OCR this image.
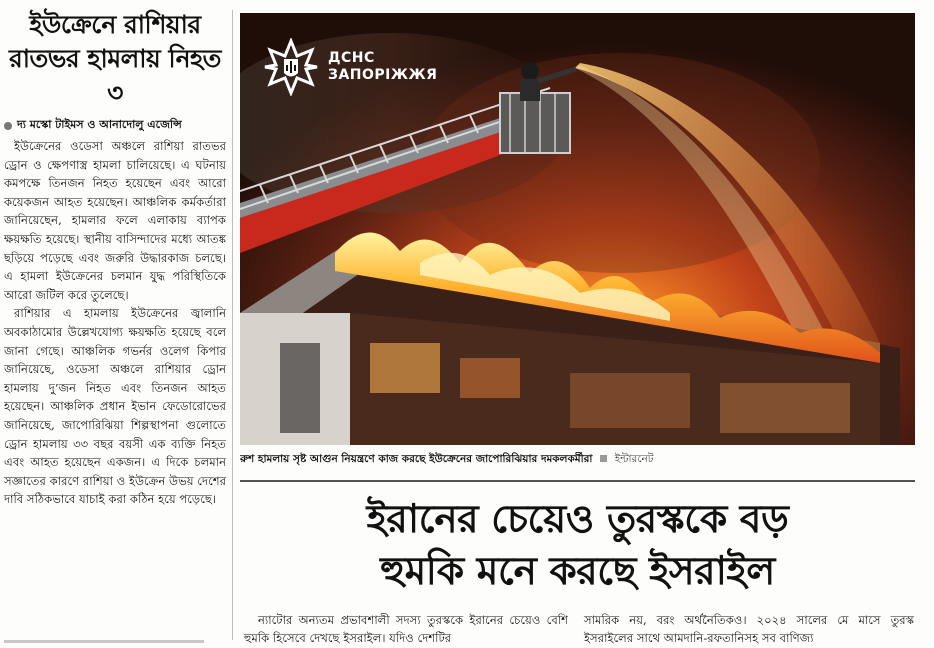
ইউক্রেনে রাশিয়ার রাতভর হামলায় নিহত ৩
দ্য মস্কো টাইমস ও আনাদোলু এজেন্সি

ইউক্রেনের ওডেসা অঞ্চলে রাশিয়া রাতভর ড্রোন ও ক্ষেপণাস্ত্র হামলা চালিয়েছে। এ ঘটনায় কমপক্ষে তিনজন নিহত হয়েছেন এবং আরো কয়েকজন আহত হয়েছেন। আঞ্চলিক কর্মকর্তারা জানিয়েছেন, হামলার ফলে এলাকায় ব্যাপক ক্ষয়ক্ষতি হয়েছে। স্থানীয় বাসিন্দাদের মধ্যে আতঙ্ক ছড়িয়ে পড়েছে এবং জরুরি উদ্ধারকাজ চলছে। এ হামলা ইউক্রেনের চলমান যুদ্ধ পরিস্থিতিকে আরো জটিল করে তুলেছে।

রাশিয়ার এ হামলায় ইউক্রেনের জ্বালানি অবকাঠামোর উল্লেখযোগ্য ক্ষয়ক্ষতি হয়েছে বলে জানা গেছে। আঞ্চলিক গভর্নর ওলেগ কিপার জানিয়েছে, ওডেসা অঞ্চলে রাশিয়ার ড্রোন হামলায় দু’জন নিহত এবং তিনজন আহত হয়েছেন। আঞ্চলিক প্রধান ইভান ফেডোরোভের জানিয়েছে, জাপোরিঝিয়া শিল্পস্থাপনা গুলোতে ড্রোন হামলায় ৩৩ বছর বয়সী এক ব্যক্তি নিহত এবং আহত হয়েছেন একজন। এ দিকে চলমান সজ্ঞাতের কারণে রাশিয়া ও ইউক্রেন উভয় দেশের দাবি সঠিকভাবে যাচাই করা কঠিন হয়ে পড়েছে।

ДСНС
ЗАПОРІЖЖЯ
রুশ হামলায় সৃষ্ট আগুন নিয়ন্ত্রণে কাজ করছে ইউক্রেনের জাপোরিঝিয়ার দমকলকর্মীরা ইন্টারনেট
ইরানের চেয়েও তুরস্ককে বড়
হুমকি মনে করছে ইসরাইল

ন্যাটোর অন্যতম প্রভাবশালী সদস্য তুরস্ককে ইরানের চেয়েও বেশি হুমকি হিসেবে দেখছে ইসরাইল। যদিও দেশটির

সামরিক নয়, বরং অর্থনৈতিকও। ২০২৪ সালের মে মাসে তুরস্ক ইসরাইলের সাথে আমদানি-রফতানিসহ সব বাণিজ্য
